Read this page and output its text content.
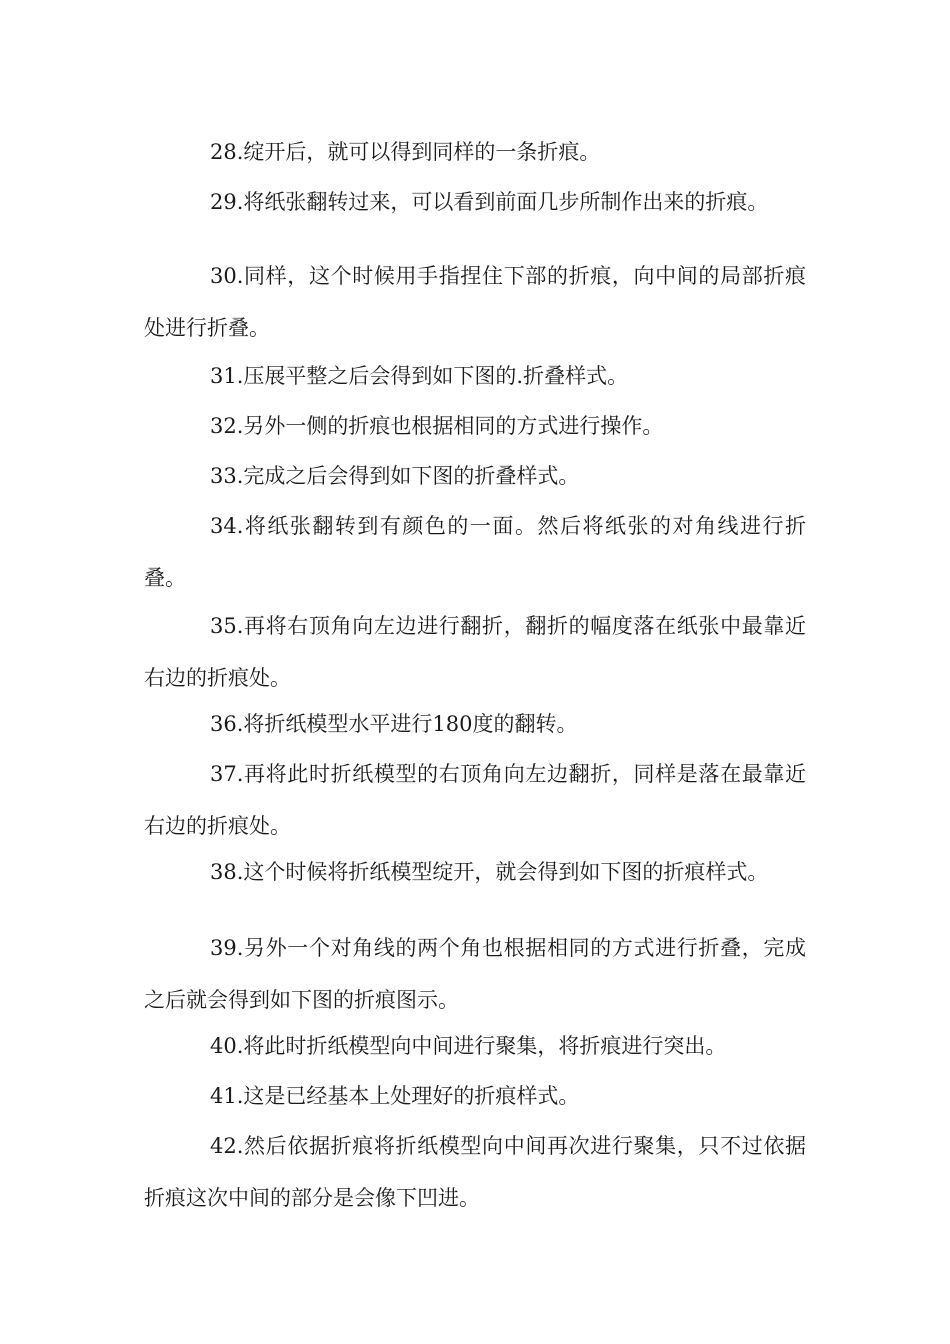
28.绽开后，就可以得到同样的一条折痕。

29.将纸张翻转过来，可以看到前面几步所制作出来的折痕。

30.同样，这个时候用手指捏住下部的折痕，向中间的局部折痕处进行折叠。

31.压展平整之后会得到如下图的.折叠样式。

32.另外一侧的折痕也根据相同的方式进行操作。

33.完成之后会得到如下图的折叠样式。

34.将纸张翻转到有颜色的一面。然后将纸张的对角线进行折叠。

35.再将右顶角向左边进行翻折，翻折的幅度落在纸张中最靠近右边的折痕处。

36.将折纸模型水平进行180度的翻转。

37.再将此时折纸模型的右顶角向左边翻折，同样是落在最靠近右边的折痕处。

38.这个时候将折纸模型绽开，就会得到如下图的折痕样式。

39.另外一个对角线的两个角也根据相同的方式进行折叠，完成之后就会得到如下图的折痕图示。

40.将此时折纸模型向中间进行聚集，将折痕进行突出。

41.这是已经基本上处理好的折痕样式。

42.然后依据折痕将折纸模型向中间再次进行聚集，只不过依据折痕这次中间的部分是会像下凹进。
